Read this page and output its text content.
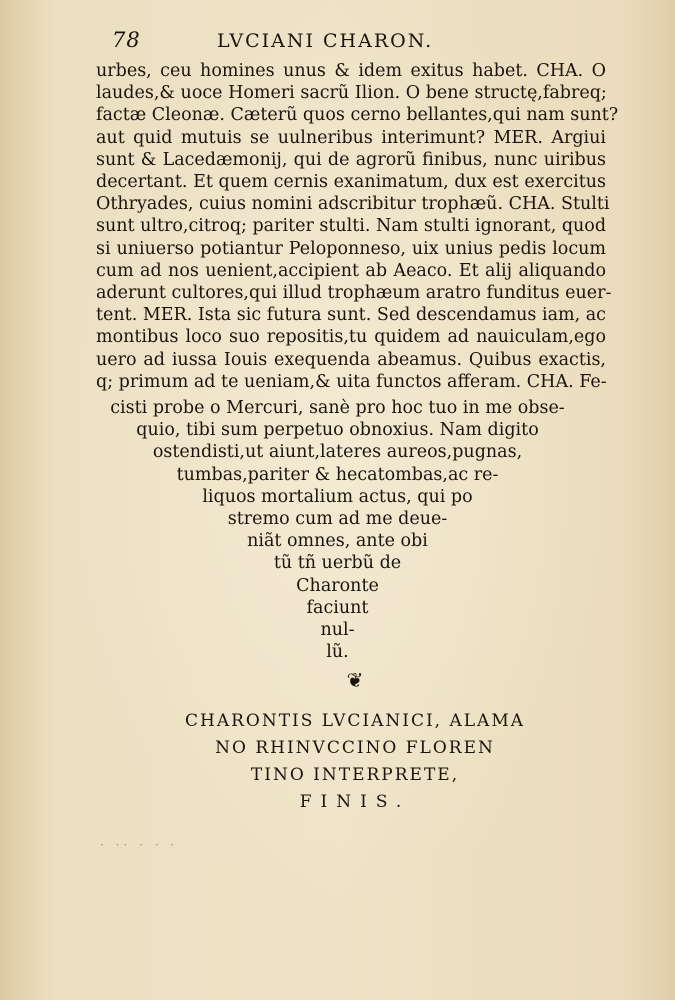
78	LVCIANI CHARON.
urbes, ceu homines unus & idem exitus habet. CHA. O
laudes,& uoce Homeri sacrũ Ilion. O bene structę,fabreq;
factæ Cleonæ. Cæterũ quos cerno bellantes,qui nam sunt?
aut quid mutuis se uulneribus interimunt? MER. Argiui
sunt & Lacedæmonij, qui de agrorũ finibus, nunc uiribus
decertant. Et quem cernis exanimatum, dux est exercitus
Othryades, cuius nomini adscribitur trophæũ. CHA. Stulti
sunt ultro,citroq; pariter stulti. Nam stulti ignorant, quod
si uniuerso potiantur Peloponneso, uix unius pedis locum
cum ad nos uenient,accipient ab Aeaco. Et alij aliquando
aderunt cultores,qui illud trophæum aratro funditus euer-
tent. MER. Ista sic futura sunt. Sed descendamus iam, ac
montibus loco suo repositis,tu quidem ad nauiculam,ego
uero ad iussa Iouis exequenda abeamus. Quibus exactis,
q; primum ad te ueniam,& uita functos afferam. CHA. Fe-
cisti probe o Mercuri, sanè pro hoc tuo in me obse-
quio, tibi sum perpetuo obnoxius. Nam digito
ostendisti,ut aiunt,lateres aureos,pugnas,
tumbas,pariter & hecatombas,ac re-
liquos mortalium actus, qui po
stremo cum ad me deue-
niãt omnes, ante obi
tũ tñ uerbũ de
Charonte
faciunt
nul-
lũ.
❦
CHARONTIS LVCIANICI, ALAMA
NO RHINVCCINO FLOREN
TINO INTERPRETE,
FINIS.
· ·· · · ·
